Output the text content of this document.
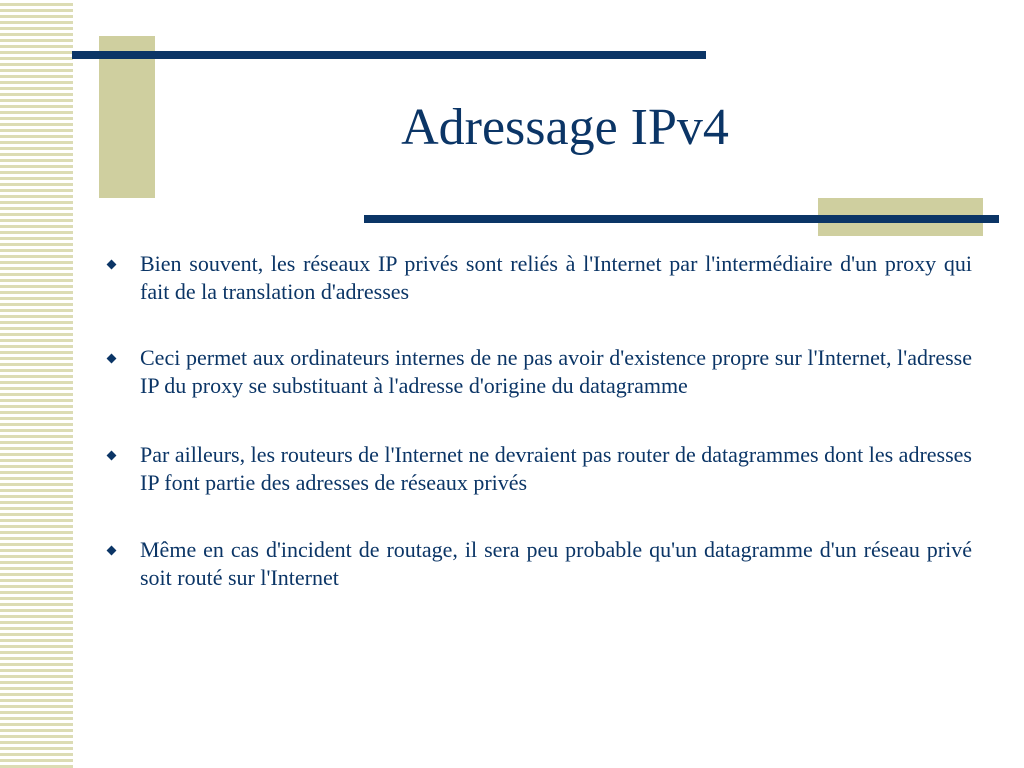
Adressage IPv4
Bien souvent, les réseaux IP privés sont reliés à l'Internet par l'intermédiaire d'un proxy qui fait de la translation d'adresses
Ceci permet aux ordinateurs internes de ne pas avoir d'existence propre sur l'Internet, l'adresse IP du proxy se substituant à l'adresse d'origine du datagramme
Par ailleurs, les routeurs de l'Internet ne devraient pas router de datagrammes dont les adresses IP font partie des adresses de réseaux privés
Même en cas d'incident de routage, il sera peu probable qu'un datagramme d'un réseau privé soit routé sur l'Internet
